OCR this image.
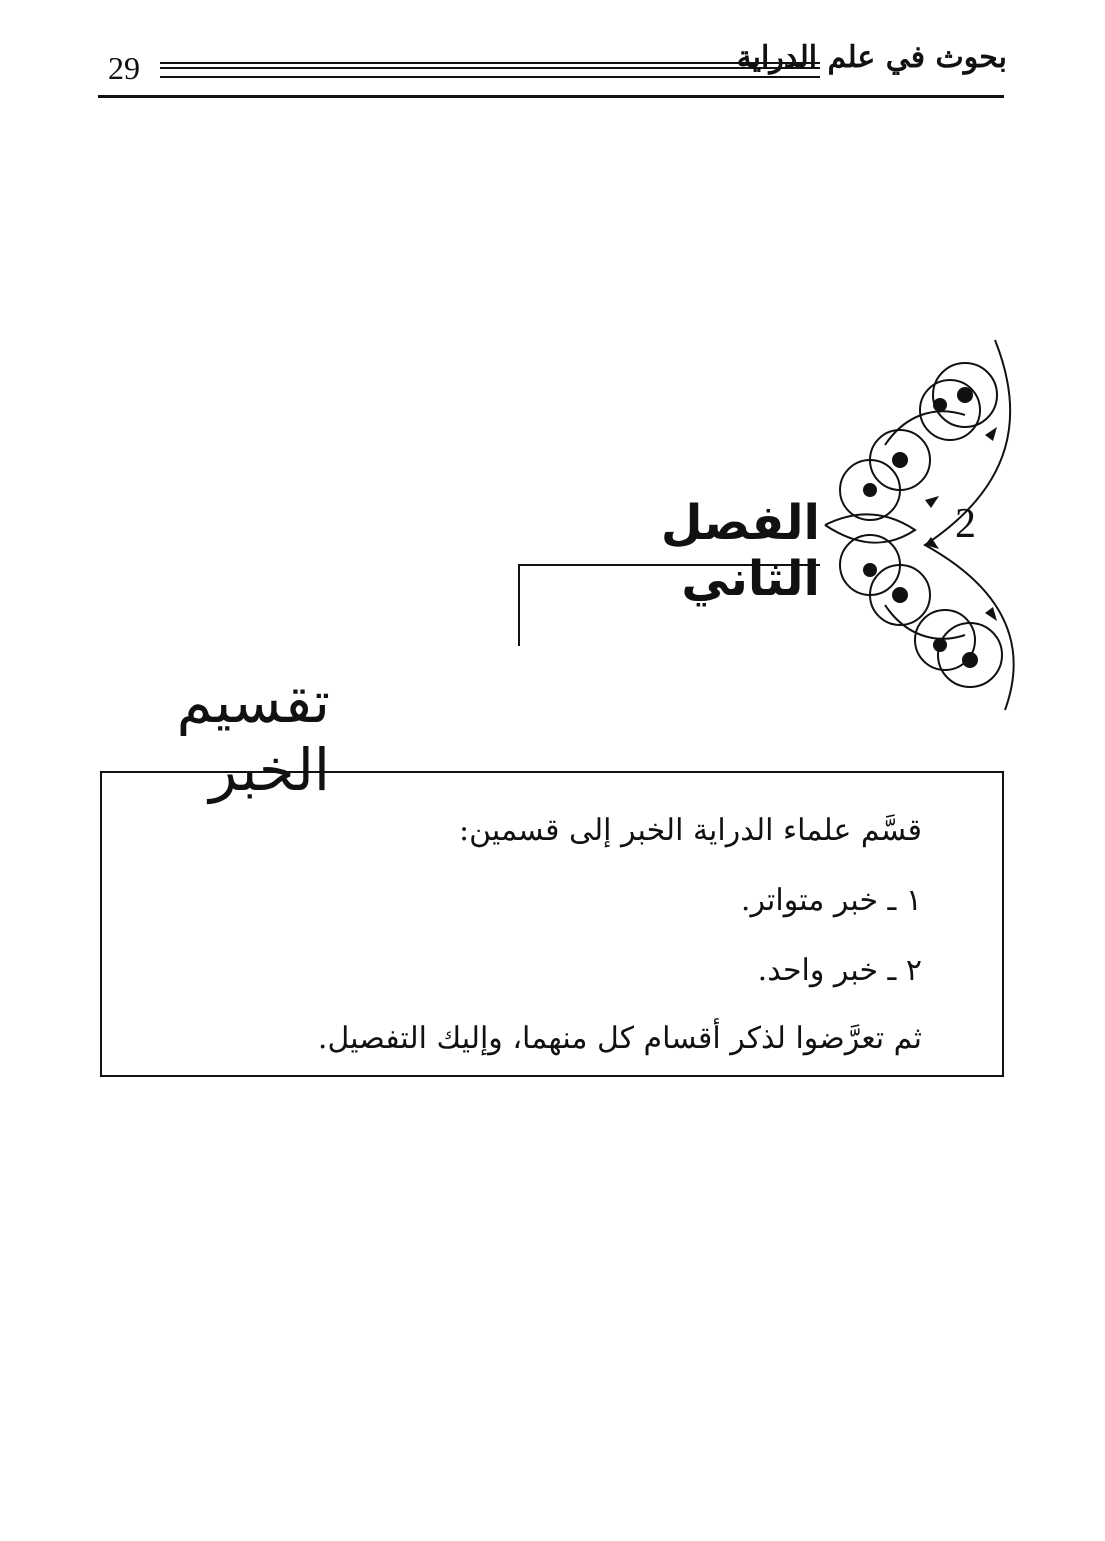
29	بحوث في علم الدراية
2
الفصل الثاني
تقسيم الخبر
قسَّم علماء الدراية الخبر إلى قسمين:
١ ـ خبر متواتر.
٢ ـ خبر واحد.
ثم تعرَّضوا لذكر أقسام كل منهما، وإليك التفصيل.
